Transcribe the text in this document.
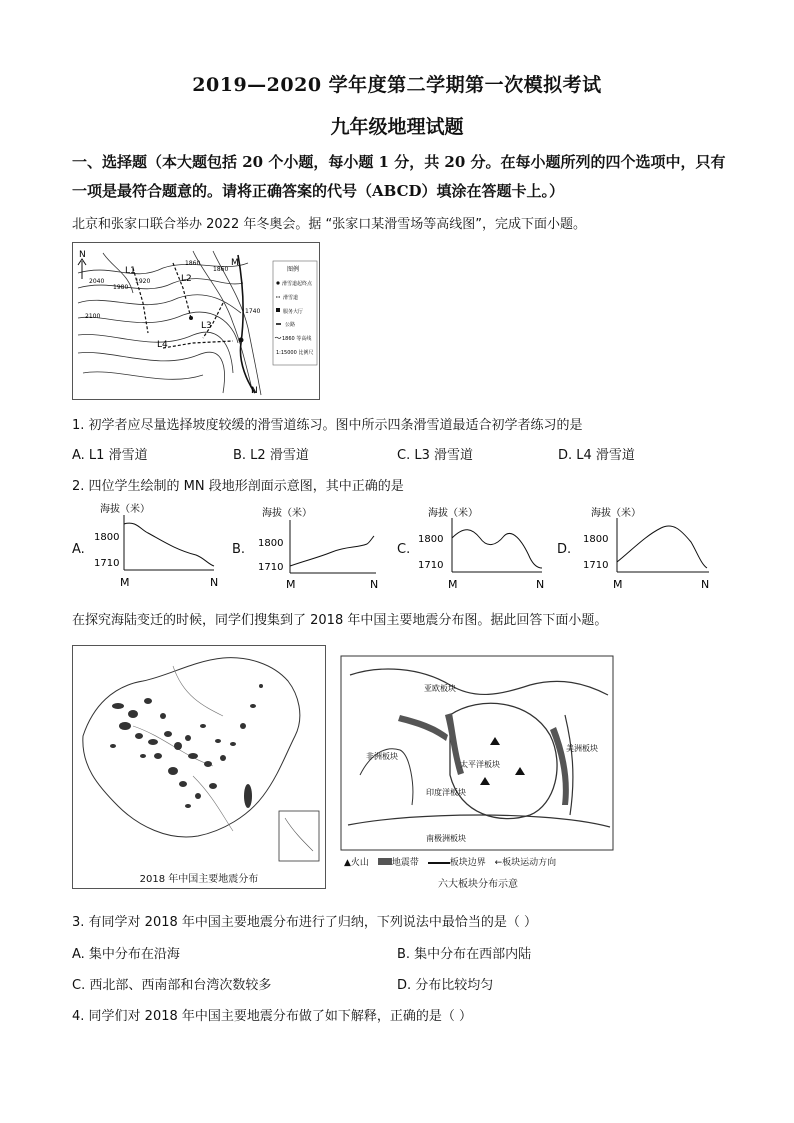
2019—2020 学年度第二学期第一次模拟考试
九年级地理试题
一、选择题（本大题包括 20 个小题，每小题 1 分，共 20 分。在每小题所列的四个选项中，只有一项是最符合题意的。请将正确答案的代号（ABCD）填涂在答题卡上。）
北京和张家口联合举办 2022 年冬奥会。据 “张家口某滑雪场等高线图”，完成下面小题。
L1
L2
L3
L4
M
N
N
1860
1920
1980
2040
2100
1860
1740
图例
滑雪道起终点
滑雪道
服务大厅
公路
1860 等高线
1:15000 比例尺
1. 初学者应尽量选择坡度较缓的滑雪道练习。图中所示四条滑雪道最适合初学者练习的是
A. L1 滑雪道	B. L2 滑雪道	C. L3 滑雪道	D. L4 滑雪道
2. 四位学生绘制的 MN 段地形剖面示意图，其中正确的是
A.
海拔（米）
1800
1710
M	N
B.
海拔（米）
1800
1710
M	N
C.
海拔（米）
1800
1710
M	N
D.
海拔（米）
1800
1710
M	N
在探究海陆变迁的时候，同学们搜集到了 2018 年中国主要地震分布图。据此回答下面小题。
2018 年中国主要地震分布
亚欧板块
非洲板块
印度洋板块
太平洋板块
美洲板块
南极洲板块
▲火山	地震带	板块边界 ←板块运动方向
六大板块分布示意
3. 有同学对 2018 年中国主要地震分布进行了归纳，下列说法中最恰当的是（ ）
A. 集中分布在沿海	B. 集中分布在西部内陆
C. 西北部、西南部和台湾次数较多	D. 分布比较均匀
4. 同学们对 2018 年中国主要地震分布做了如下解释，正确的是（ ）
